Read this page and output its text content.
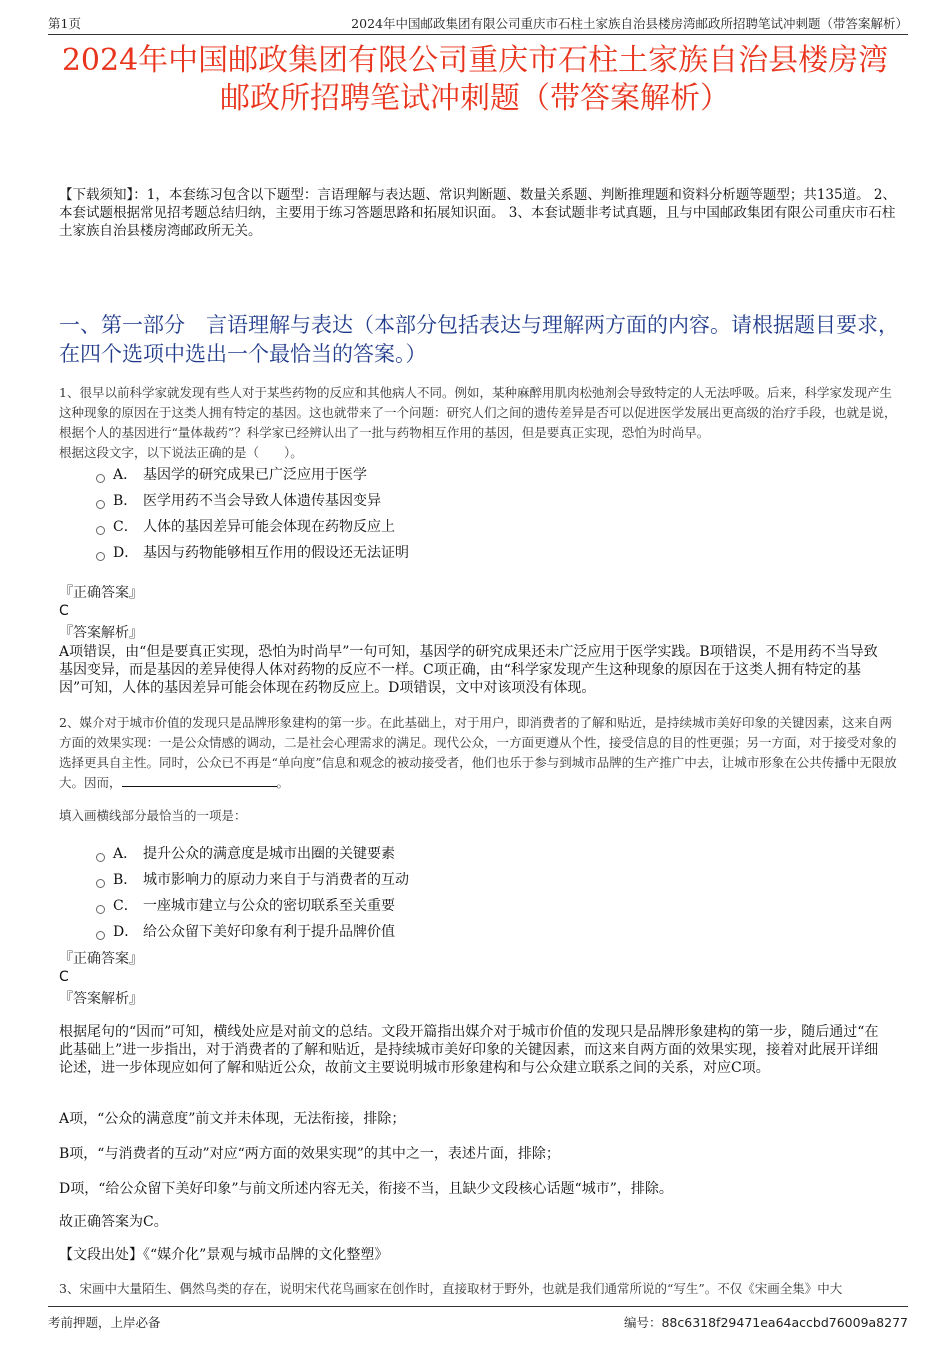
第1页	2024年中国邮政集团有限公司重庆市石柱土家族自治县楼房湾邮政所招聘笔试冲刺题（带答案解析）
2024年中国邮政集团有限公司重庆市石柱土家族自治县楼房湾
邮政所招聘笔试冲刺题（带答案解析）
【下载须知】：1，本套练习包含以下题型：言语理解与表达题、常识判断题、数量关系题、判断推理题和资料分析题等题型；共135道。 2、本套试题根据常见招考题总结归纳，主要用于练习答题思路和拓展知识面。 3、本套试题非考试真题，且与中国邮政集团有限公司重庆市石柱土家族自治县楼房湾邮政所无关。
一、第一部分　言语理解与表达（本部分包括表达与理解两方面的内容。请根据题目要求，在四个选项中选出一个最恰当的答案。）
1、很早以前科学家就发现有些人对于某些药物的反应和其他病人不同。例如，某种麻醉用肌肉松弛剂会导致特定的人无法呼吸。后来，科学家发现产生这种现象的原因在于这类人拥有特定的基因。这也就带来了一个问题：研究人们之间的遗传差异是否可以促进医学发展出更高级的治疗手段，也就是说，根据个人的基因进行“量体裁药”？科学家已经辨认出了一批与药物相互作用的基因，但是要真正实现，恐怕为时尚早。
根据这段文字，以下说法正确的是（　　）。
A． 基因学的研究成果已广泛应用于医学
B． 医学用药不当会导致人体遗传基因变异
C． 人体的基因差异可能会体现在药物反应上
D． 基因与药物能够相互作用的假设还无法证明
『正确答案』
C
『答案解析』
A项错误，由“但是要真正实现，恐怕为时尚早”一句可知，基因学的研究成果还未广泛应用于医学实践。B项错误，不是用药不当导致基因变异，而是基因的差异使得人体对药物的反应不一样。C项正确，由“科学家发现产生这种现象的原因在于这类人拥有特定的基因”可知，人体的基因差异可能会体现在药物反应上。D项错误，文中对该项没有体现。
2、媒介对于城市价值的发现只是品牌形象建构的第一步。在此基础上，对于用户，即消费者的了解和贴近，是持续城市美好印象的关键因素，这来自两方面的效果实现：一是公众情感的调动，二是社会心理需求的满足。现代公众，一方面更遵从个性，接受信息的目的性更强；另一方面，对于接受对象的选择更具自主性。同时，公众已不再是“单向度”信息和观念的被动接受者，他们也乐于参与到城市品牌的生产推广中去，让城市形象在公共传播中无限放大。因而，	。
填入画横线部分最恰当的一项是：
A． 提升公众的满意度是城市出圈的关键要素
B． 城市影响力的原动力来自于与消费者的互动
C． 一座城市建立与公众的密切联系至关重要
D． 给公众留下美好印象有利于提升品牌价值
『正确答案』
C
『答案解析』
根据尾句的“因而”可知，横线处应是对前文的总结。文段开篇指出媒介对于城市价值的发现只是品牌形象建构的第一步，随后通过“在此基础上”进一步指出，对于消费者的了解和贴近，是持续城市美好印象的关键因素，而这来自两方面的效果实现，接着对此展开详细论述，进一步体现应如何了解和贴近公众，故前文主要说明城市形象建构和与公众建立联系之间的关系，对应C项。
A项，“公众的满意度”前文并未体现，无法衔接，排除；
B项，“与消费者的互动”对应“两方面的效果实现”的其中之一，表述片面，排除；
D项，“给公众留下美好印象”与前文所述内容无关，衔接不当，且缺少文段核心话题“城市”，排除。
故正确答案为C。
【文段出处】《“媒介化”景观与城市品牌的文化整塑》
3、宋画中大量陌生、偶然鸟类的存在，说明宋代花鸟画家在创作时，直接取材于野外，也就是我们通常所说的“写生”。不仅《宋画全集》中大
考前押题，上岸必备	编号：88c6318f29471ea64accbd76009a8277
